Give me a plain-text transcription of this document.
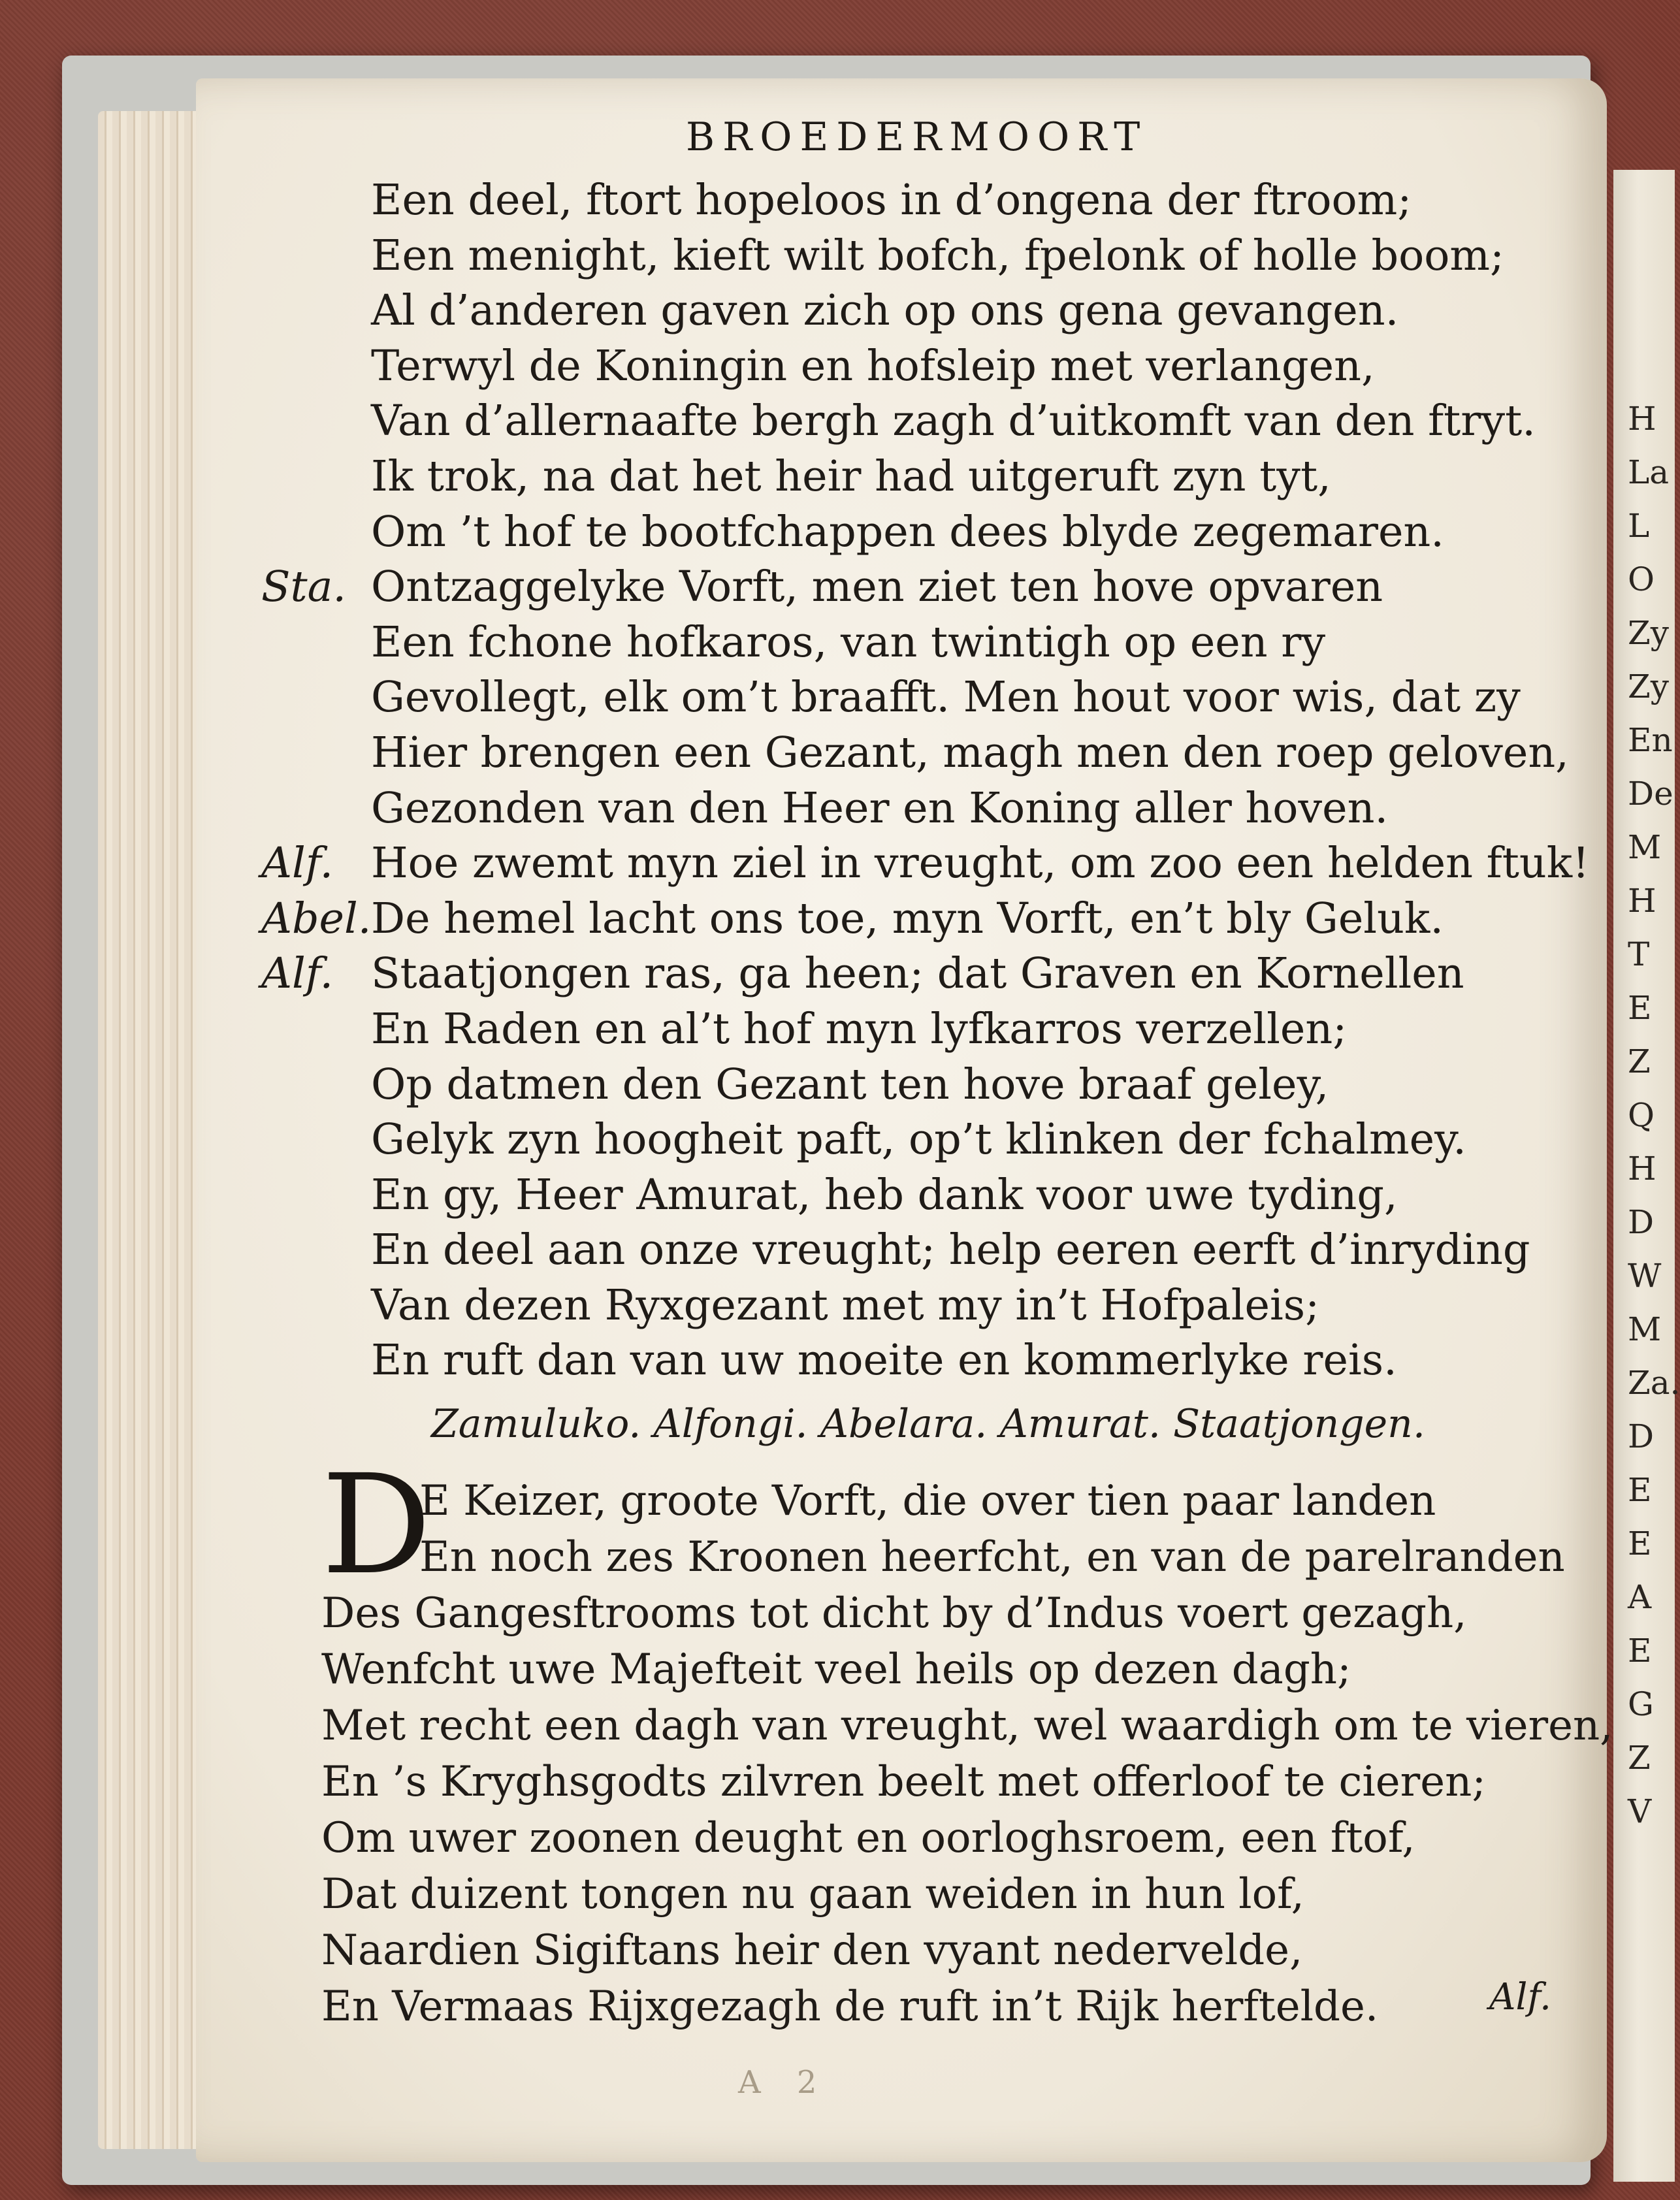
H
La
L
O
Zy
Zy
En
De
M
H
T
E
Z
Q
H
D
W
M
Za.
D
E
E
A
E
G
Z
V
BROEDERMOORT
Een deel, ftort hopeloos in d’ongena der ftroom;
Een menight, kieft wilt bofch, fpelonk of holle boom;
Al d’anderen gaven zich op ons gena gevangen.
Terwyl de Koningin en hofsleip met verlangen,
Van d’allernaafte bergh zagh d’uitkomft van den ftryt.
Ik trok, na dat het heir had uitgeruft zyn tyt,
Om ’t hof te bootfchappen dees blyde zegemaren.
Sta. Ontzaggelyke Vorft, men ziet ten hove opvaren
Een fchone hofkaros, van twintigh op een ry
Gevollegt, elk om’t braafft. Men hout voor wis, dat zy
Hier brengen een Gezant, magh men den roep geloven,
Gezonden van den Heer en Koning aller hoven.
Alf. Hoe zwemt myn ziel in vreught, om zoo een helden ftuk!
Abel.De hemel lacht ons toe, myn Vorft, en’t bly Geluk.
Alf. Staatjongen ras, ga heen; dat Graven en Kornellen
En Raden en al’t hof myn lyfkarros verzellen;
Op datmen den Gezant ten hove braaf geley,
Gelyk zyn hoogheit paft, op’t klinken der fchalmey.
En gy, Heer Amurat, heb dank voor uwe tyding,
En deel aan onze vreught; help eeren eerft d’inryding
Van dezen Ryxgezant met my in’t Hofpaleis;
En ruft dan van uw moeite en kommerlyke reis.
Zamuluko. Alfongi. Abelara. Amurat. Staatjongen.
D
E Keizer, groote Vorft, die over tien paar landen
En noch zes Kroonen heerfcht, en van de parelranden
Des Gangesftrooms tot dicht by d’Indus voert gezagh,
Wenfcht uwe Majefteit veel heils op dezen dagh;
Met recht een dagh van vreught, wel waardigh om te vieren,
En ’s Kryghsgodts zilvren beelt met offerloof te cieren;
Om uwer zoonen deught en oorloghsroem, een ftof,
Dat duizent tongen nu gaan weiden in hun lof,
Naardien Sigiftans heir den vyant nedervelde,
En Vermaas Rijxgezagh de ruft in’t Rijk herftelde.	Alf.
A 2
